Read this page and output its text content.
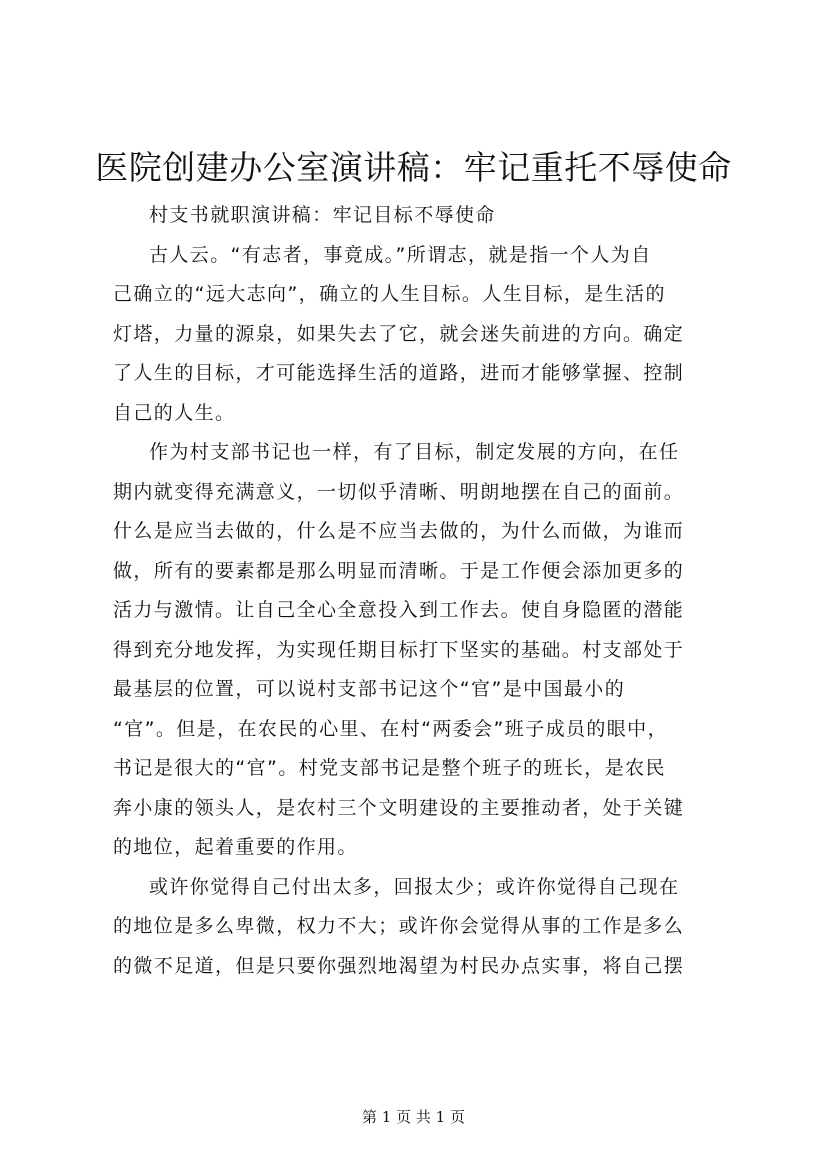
医院创建办公室演讲稿：牢记重托不辱使命

村支书就职演讲稿：牢记目标不辱使命

古人云。“有志者，事竟成。”所谓志，就是指一个人为自
己确立的“远大志向”，确立的人生目标。人生目标，是生活的
灯塔，力量的源泉，如果失去了它，就会迷失前进的方向。确定
了人生的目标，才可能选择生活的道路，进而才能够掌握、控制
自己的人生。

作为村支部书记也一样，有了目标，制定发展的方向，在任
期内就变得充满意义，一切似乎清晰、明朗地摆在自己的面前。
什么是应当去做的，什么是不应当去做的，为什么而做，为谁而
做，所有的要素都是那么明显而清晰。于是工作便会添加更多的
活力与激情。让自己全心全意投入到工作去。使自身隐匿的潜能
得到充分地发挥，为实现任期目标打下坚实的基础。村支部处于
最基层的位置，可以说村支部书记这个“官”是中国最小的
“官”。但是，在农民的心里、在村“两委会”班子成员的眼中，
书记是很大的“官”。村党支部书记是整个班子的班长，是农民
奔小康的领头人，是农村三个文明建设的主要推动者，处于关键
的地位，起着重要的作用。

或许你觉得自己付出太多，回报太少；或许你觉得自己现在
的地位是多么卑微，权力不大；或许你会觉得从事的工作是多么
的微不足道，但是只要你强烈地渴望为村民办点实事，将自己摆

第 1 页 共 1 页
